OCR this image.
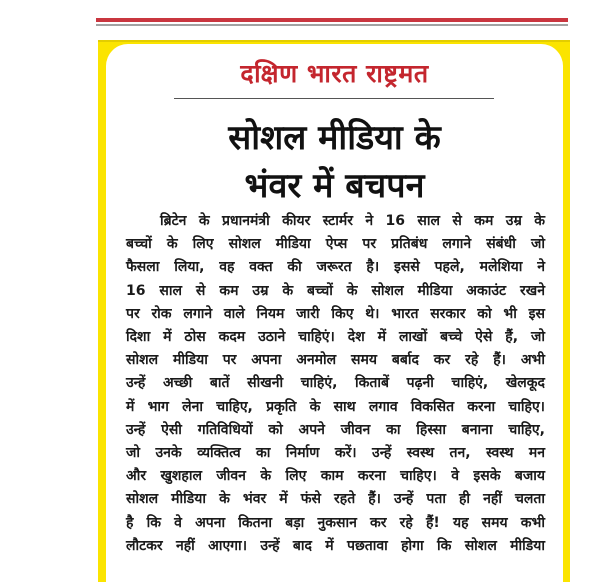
दक्षिण भारत राष्ट्रमत
सोशल मीडिया के
भंवर में बचपन

ब्रिटेन के प्रधानमंत्री कीयर स्टार्मर ने 16 साल से कम उम्र के
बच्चों के लिए सोशल मीडिया ऐप्स पर प्रतिबंध लगाने संबंधी जो
फैसला लिया, वह वक्त की जरूरत है। इससे पहले, मलेशिया ने
16 साल से कम उम्र के बच्चों के सोशल मीडिया अकाउंट रखने
पर रोक लगाने वाले नियम जारी किए थे। भारत सरकार को भी इस
दिशा में ठोस कदम उठाने चाहिएं। देश में लाखों बच्चे ऐसे हैं, जो
सोशल मीडिया पर अपना अनमोल समय बर्बाद कर रहे हैं। अभी
उन्हें अच्छी बातें सीखनी चाहिएं, किताबें पढ़नी चाहिएं, खेलकूद
में भाग लेना चाहिए, प्रकृति के साथ लगाव विकसित करना चाहिए।
उन्हें ऐसी गतिविधियों को अपने जीवन का हिस्सा बनाना चाहिए,
जो उनके व्यक्तित्व का निर्माण करें। उन्हें स्वस्थ तन, स्वस्थ मन
और खुशहाल जीवन के लिए काम करना चाहिए। वे इसके बजाय
सोशल मीडिया के भंवर में फंसे रहते हैं। उन्हें पता ही नहीं चलता
है कि वे अपना कितना बड़ा नुकसान कर रहे हैं! यह समय कभी
लौटकर नहीं आएगा। उन्हें बाद में पछतावा होगा कि सोशल मीडिया
